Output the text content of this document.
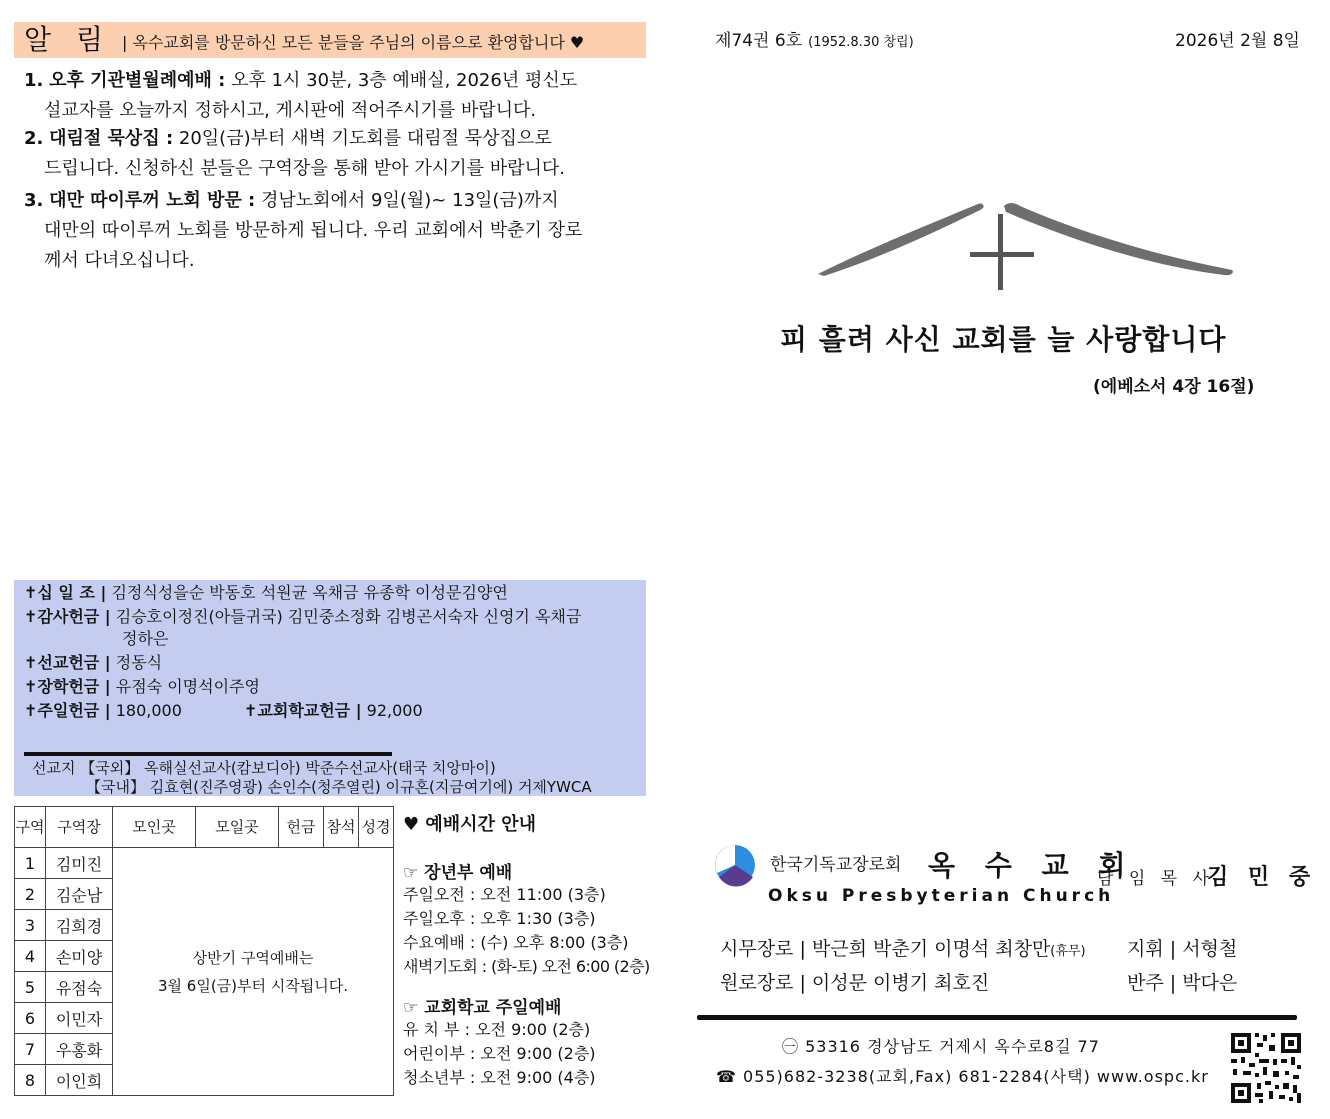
알 림 | 옥수교회를 방문하신 모든 분들을 주님의 이름으로 환영합니다 ♥
1. 오후 기관별월례예배 : 오후 1시 30분, 3층 예배실, 2026년 평신도
설교자를 오늘까지 정하시고, 게시판에 적어주시기를 바랍니다.
2. 대림절 묵상집 : 20일(금)부터 새벽 기도회를 대림절 묵상집으로
드립니다. 신청하신 분들은 구역장을 통해 받아 가시기를 바랍니다.
3. 대만 따이루꺼 노회 방문 : 경남노회에서 9일(월)~ 13일(금)까지
대만의 따이루꺼 노회를 방문하게 됩니다. 우리 교회에서 박춘기 장로
께서 다녀오십니다.
✝십 일 조 | 김정식성을순 박동호 석원균 옥채금 유종학 이성문김양연
✝감사헌금 | 김승호이정진(아들귀국) 김민중소정화 김병곤서숙자 신영기 옥채금
정하은
✝선교헌금 | 정동식
✝장학헌금 | 유점숙 이명석이주영
✝주일헌금 | 180,000	✝교회학교헌금 | 92,000
선교지 【국외】 옥해실선교사(캄보디아) 박준수선교사(태국 치앙마이)
【국내】 김효현(진주영광) 손인수(청주열린) 이규혼(지금여기에) 거제YWCA
구역	구역장	모인곳	모일곳	헌금	참석	성경
1	김미진	상반기 구역예배는
3월 6일(금)부터 시작됩니다.				

2	김순남					
3	김희경					
4	손미양					
5	유점숙					
6	이민자					
7	우홍화					
8	이인희					
♥ 예배시간 안내
☞ 장년부 예배
주일오전 : 오전 11:00 (3층)
주일오후 : 오후 1:30 (3층)
수요예배 : (수) 오후 8:00 (3층)
새벽기도회 : (화-토) 오전 6:00 (2층)
☞ 교회학교 주일예배
유 치 부 : 오전 9:00 (2층)
어린이부 : 오전 9:00 (2층)
청소년부 : 오전 9:00 (4층)
제74권 6호 (1952.8.30 창립)	2026년 2월 8일
피 흘려 사신 교회를 늘 사랑합니다
(에베소서 4장 16절)
한국기독교장로회 옥 수 교 회
Oksu Presbyterian Church
담 임 목 사
김 민 중
시무장로 | 박근희 박춘기 이명석 최창만(휴무) 지휘 | 서형철
원로장로 | 이성문 이병기 최호진	반주 | 박다은
㊀ 53316 경상남도 거제시 옥수로8길 77
☎ 055)682-3238(교회,Fax) 681-2284(사택) www.ospc.kr
